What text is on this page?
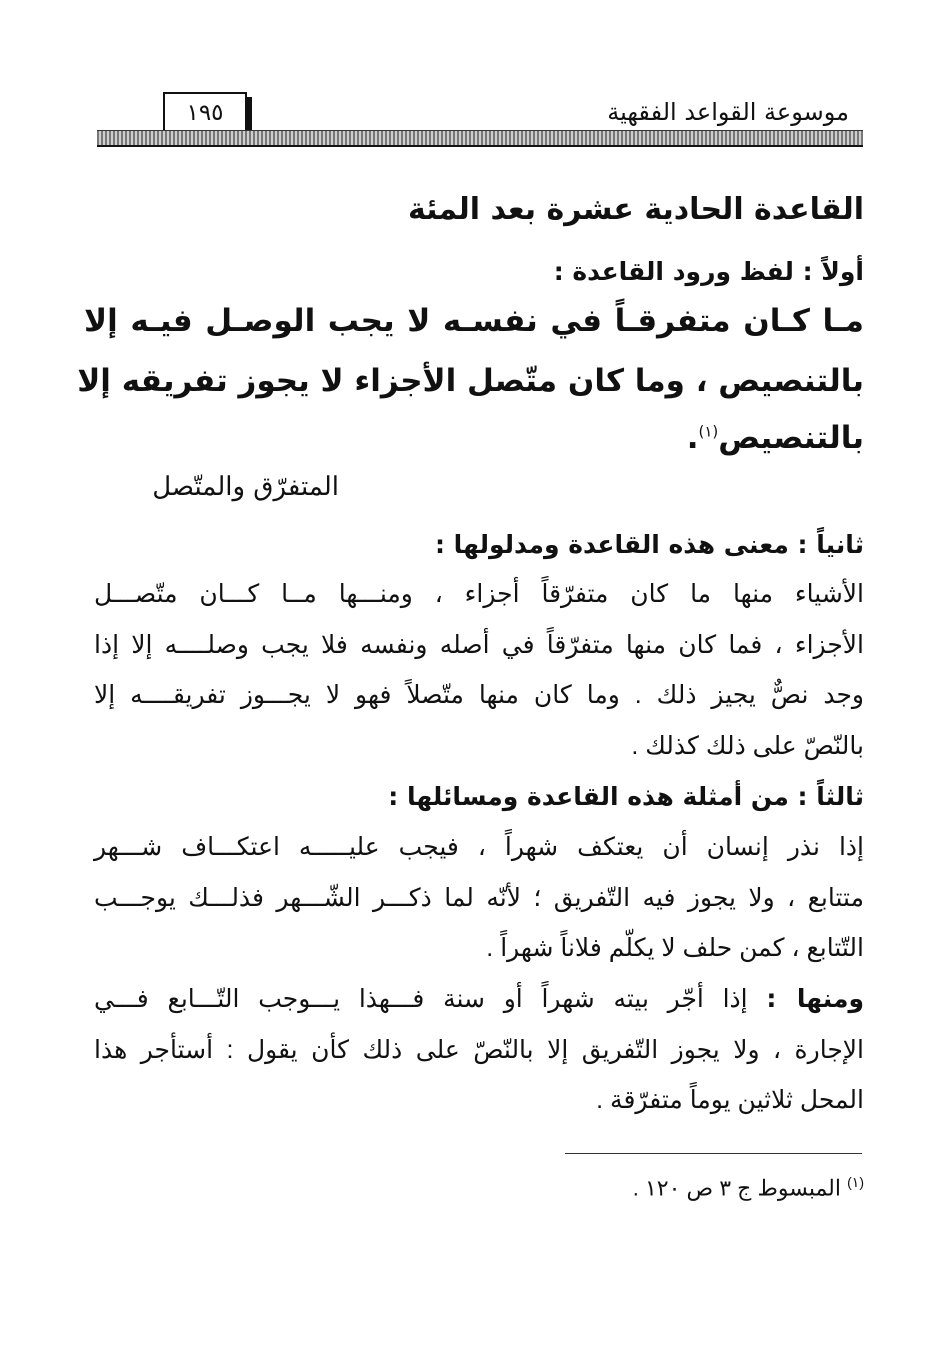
موسوعة القواعد الفقهية
١٩٥
القاعدة الحادية عشرة بعد المئة
أولاً : لفظ ورود القاعدة :
مـا كـان متفرقـاً في نفسـه لا يجب الوصـل فيـه إلا
بالتنصيص ، وما كان متّصل الأجزاء لا يجوز تفريقه إلا
بالتنصيص$^{(١)}$.
المتفرّق والمتّصل
ثانياً : معنى هذه القاعدة ومدلولها :
الأشياء منها ما كان متفرّقاً أجزاء ، ومنـــها مــا كـــان متّصـــل
الأجزاء ، فما كان منها متفرّقاً في أصله ونفسه فلا يجب وصلــــه إلا إذا
وجد نصٌّ يجيز ذلك . وما كان منها متّصلاً فهو لا يجـــوز تفريقــــه إلا
بالنّصّ على ذلك كذلك .
ثالثاً : من أمثلة هذه القاعدة ومسائلها :
إذا نذر إنسان أن يعتكف شهراً ، فيجب عليـــــه اعتكـــاف شـــهر
متتابع ، ولا يجوز فيه التّفريق ؛ لأنّه لما ذكـــر الشّـــهر فذلـــك يوجـــب
التّتابع ، كمن حلف لا يكلّم فلاناً شهراً .
ومنها : إذا أجّر بيته شهراً أو سنة فـــهذا يـــوجب التّـــابع فـــي
الإجارة ، ولا يجوز التّفريق إلا بالنّصّ على ذلك كأن يقول : أستأجر هذا
المحل ثلاثين يوماً متفرّقة .
$^{(١)}$ المبسوط ج ٣ ص ١٢٠ .
